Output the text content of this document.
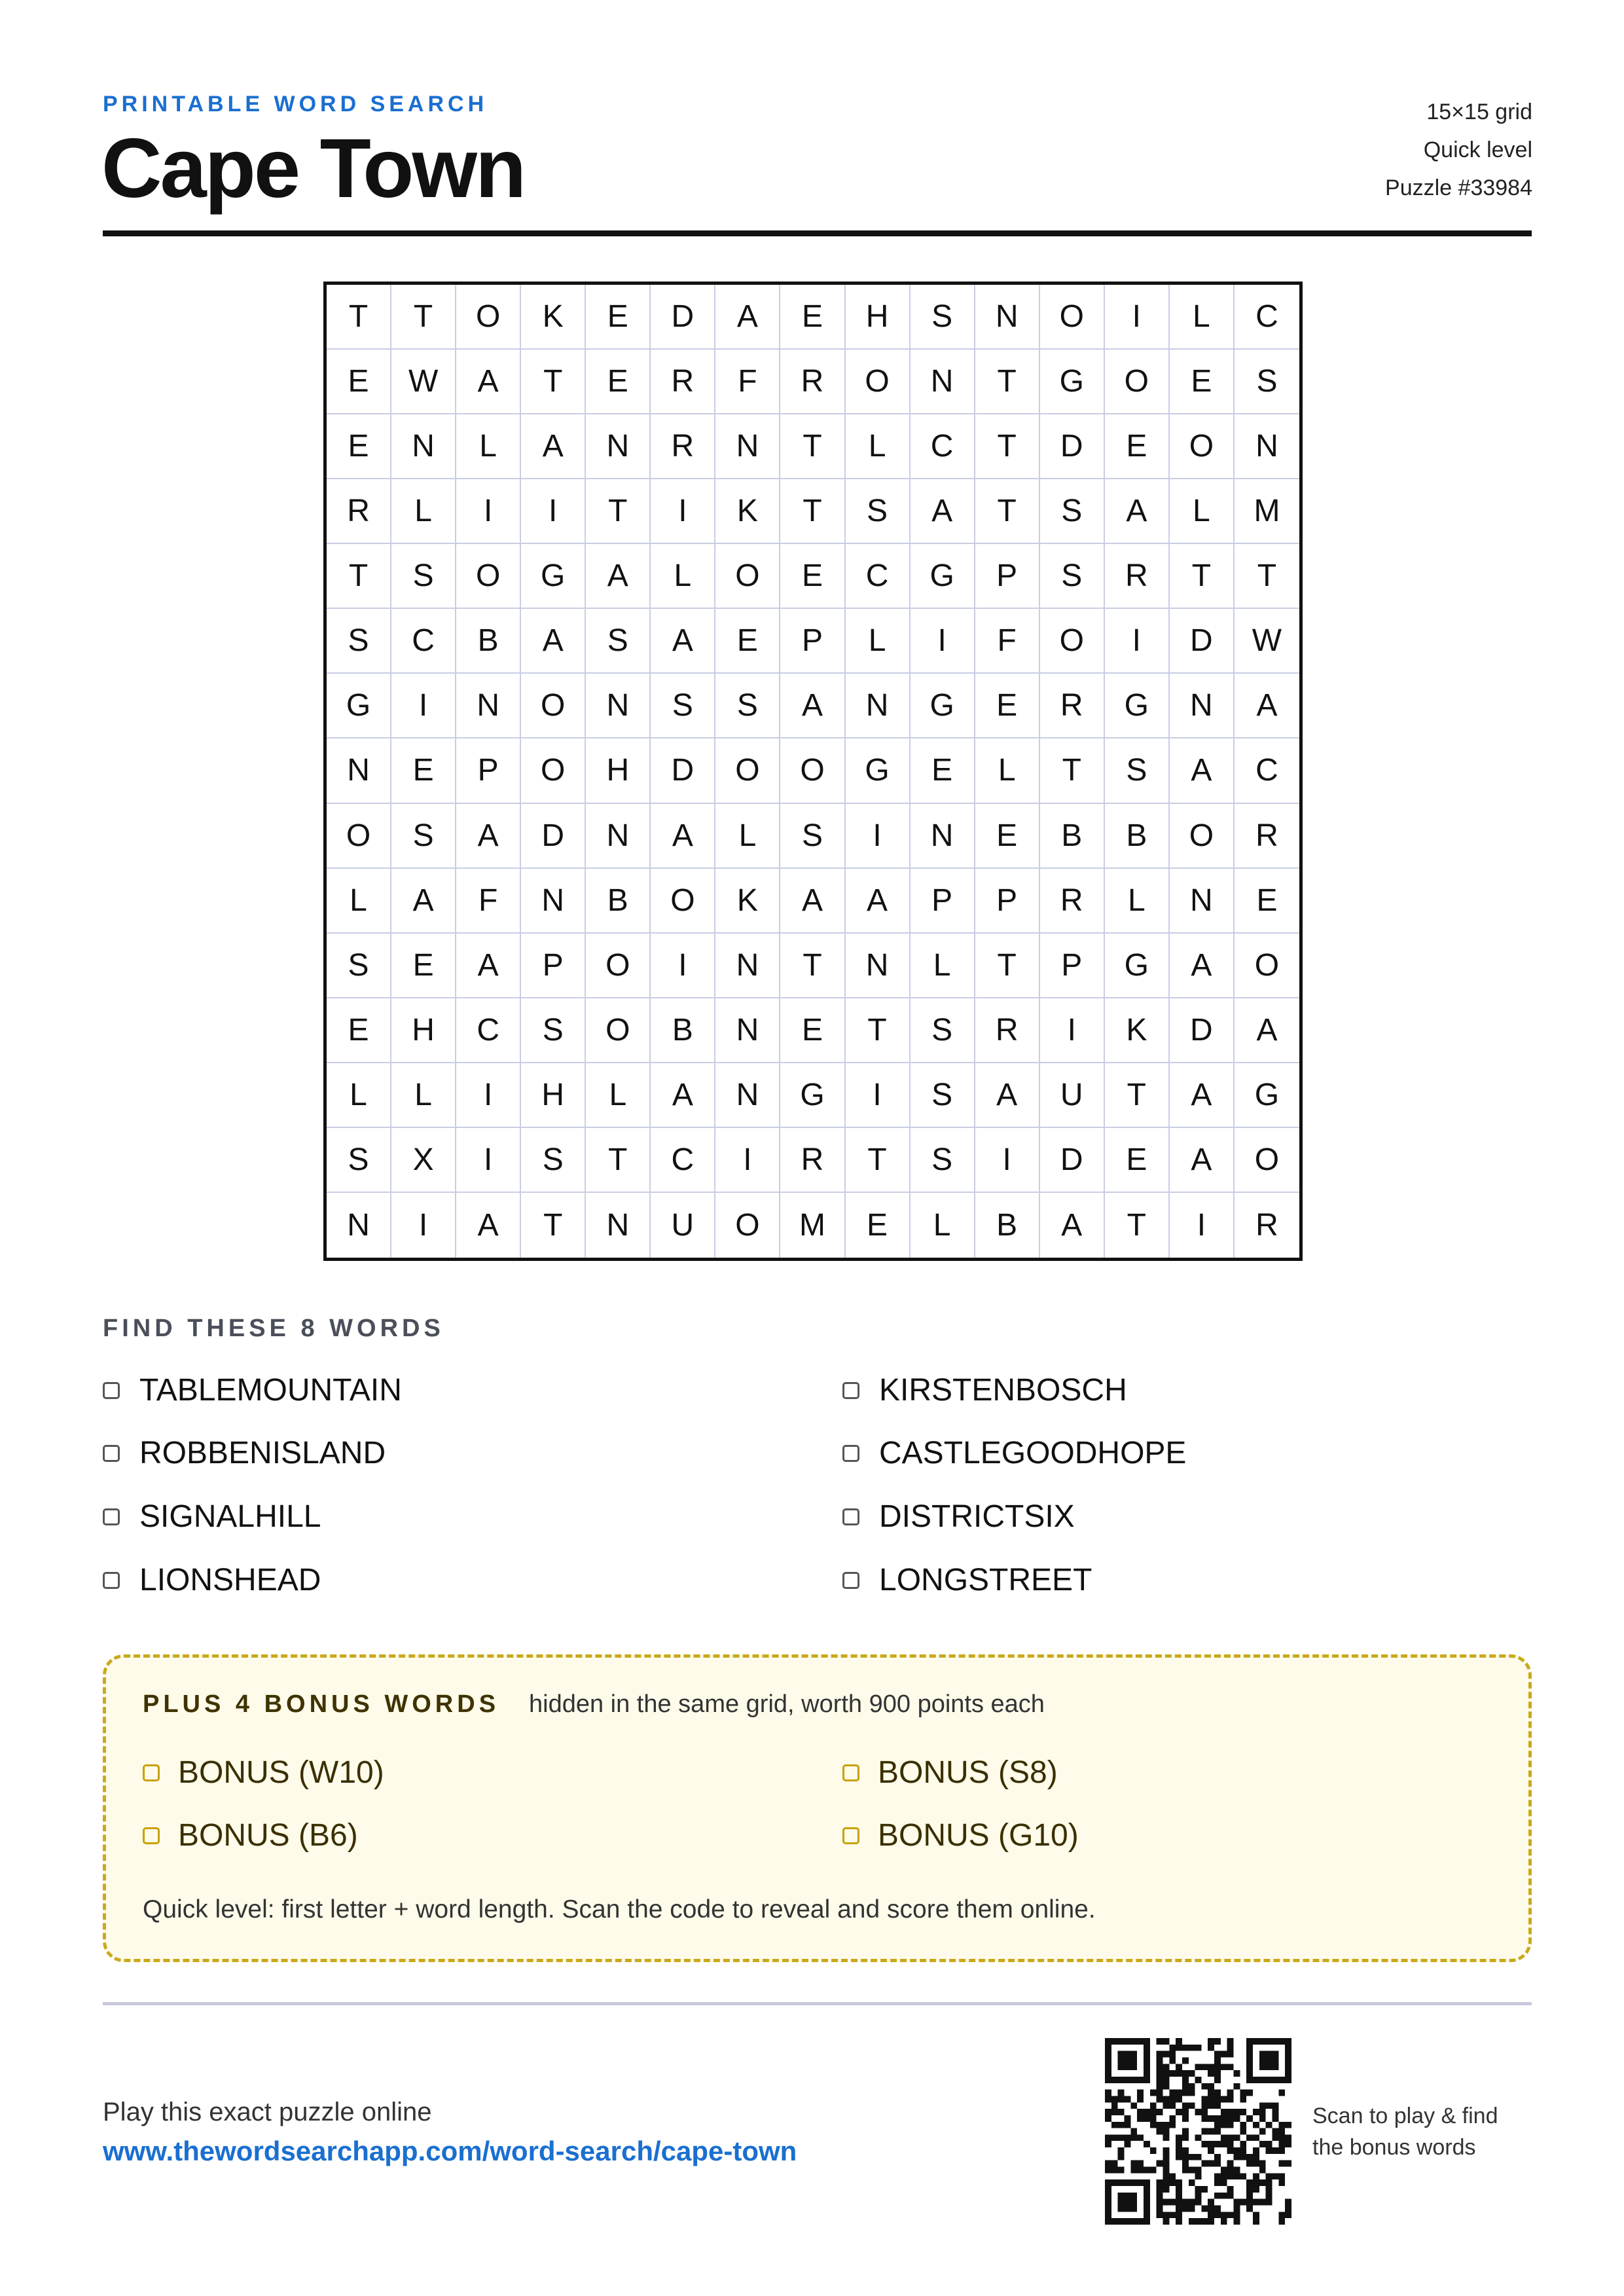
PRINTABLE WORD SEARCH
Cape Town
15×15 grid
Quick level
Puzzle #33984
T	T	O	K	E	D	A	E	H	S	N	O	I	L	C
E	W	A	T	E	R	F	R	O	N	T	G	O	E	S
E	N	L	A	N	R	N	T	L	C	T	D	E	O	N
R	L	I	I	T	I	K	T	S	A	T	S	A	L	M
T	S	O	G	A	L	O	E	C	G	P	S	R	T	T
S	C	B	A	S	A	E	P	L	I	F	O	I	D	W
G	I	N	O	N	S	S	A	N	G	E	R	G	N	A
N	E	P	O	H	D	O	O	G	E	L	T	S	A	C
O	S	A	D	N	A	L	S	I	N	E	B	B	O	R
L	A	F	N	B	O	K	A	A	P	P	R	L	N	E
S	E	A	P	O	I	N	T	N	L	T	P	G	A	O
E	H	C	S	O	B	N	E	T	S	R	I	K	D	A
L	L	I	H	L	A	N	G	I	S	A	U	T	A	G
S	X	I	S	T	C	I	R	T	S	I	D	E	A	O
N	I	A	T	N	U	O	M	E	L	B	A	T	I	R
FIND THESE 8 WORDS
TABLEMOUNTAIN	KIRSTENBOSCH
ROBBENISLAND	CASTLEGOODHOPE
SIGNALHILL	DISTRICTSIX
LIONSHEAD	LONGSTREET
PLUS 4 BONUS WORDS hidden in the same grid, worth 900 points each
BONUS (W10)	BONUS (S8)
BONUS (B6)	BONUS (G10)
Quick level: first letter + word length. Scan the code to reveal and score them online.
Play this exact puzzle online
www.thewordsearchapp.com/word-search/cape-town
Scan to play & find
the bonus words
